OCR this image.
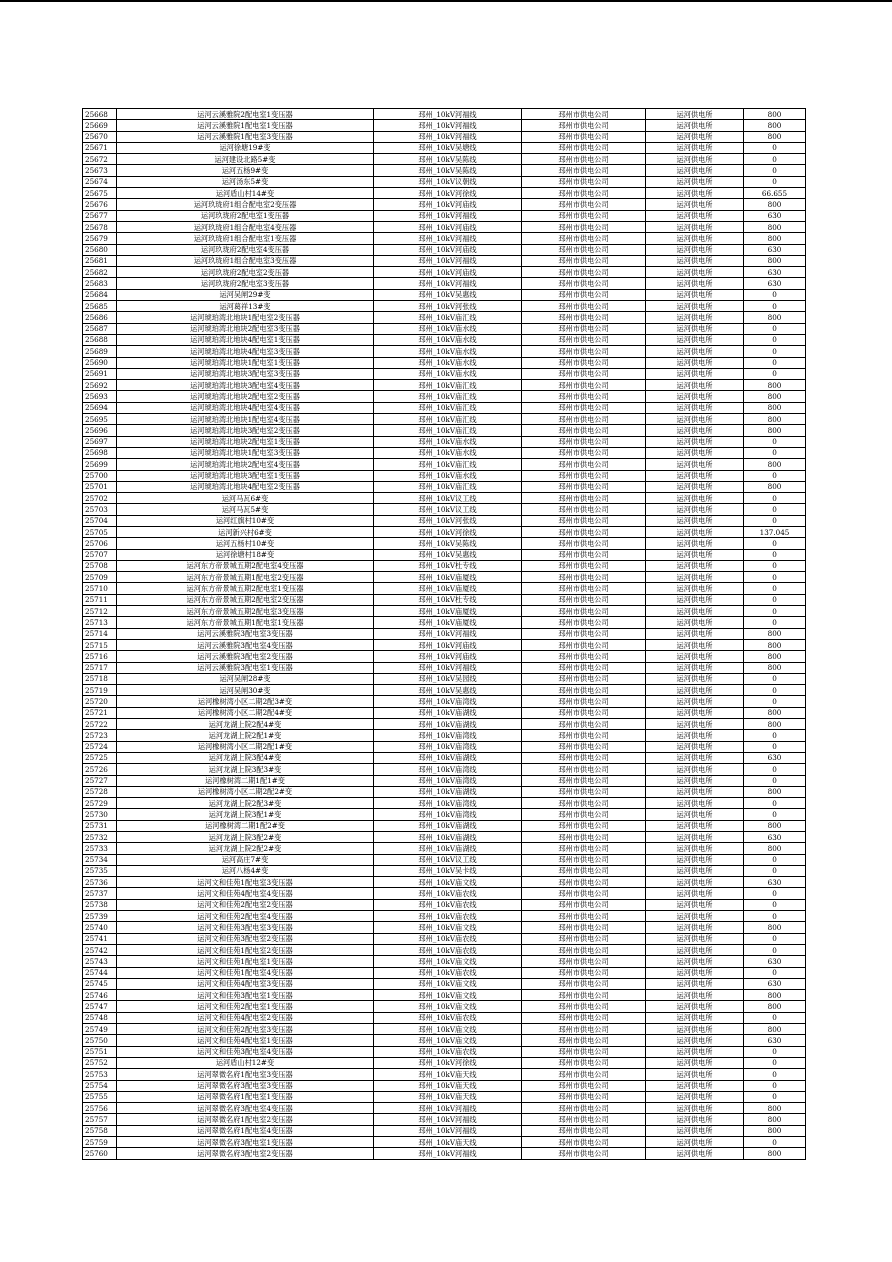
25668	运河云溪雅院2配电室1变压器	邳州_10kV河福线	邳州市供电公司	运河供电所	800
25669	运河云溪雅院1配电室1变压器	邳州_10kV河福线	邳州市供电公司	运河供电所	800
25670	运河云溪雅院1配电室3变压器	邳州_10kV河福线	邳州市供电公司	运河供电所	800
25671	运河徐塘19#变	邳州_10kV吴塘线	邳州市供电公司	运河供电所	0
25672	运河建设北路5#变	邳州_10kV吴陈线	邳州市供电公司	运河供电所	0
25673	运河五杨9#变	邳州_10kV吴陈线	邳州市供电公司	运河供电所	0
25674	运河汤东5#变	邳州_10kV议朝线	邳州市供电公司	运河供电所	0
25675	运河盾山村14#变	邳州_10kV河徐线	邳州市供电公司	运河供电所	66.655
25676	运河玖珑府1组合配电室2变压器	邳州_10kV河庙线	邳州市供电公司	运河供电所	800
25677	运河玖珑府2配电室1变压器	邳州_10kV河福线	邳州市供电公司	运河供电所	630
25678	运河玖珑府1组合配电室4变压器	邳州_10kV河庙线	邳州市供电公司	运河供电所	800
25679	运河玖珑府1组合配电室1变压器	邳州_10kV河福线	邳州市供电公司	运河供电所	800
25680	运河玖珑府2配电室4变压器	邳州_10kV河庙线	邳州市供电公司	运河供电所	630
25681	运河玖珑府1组合配电室3变压器	邳州_10kV河福线	邳州市供电公司	运河供电所	800
25682	运河玖珑府2配电室2变压器	邳州_10kV河庙线	邳州市供电公司	运河供电所	630
25683	运河玖珑府2配电室3变压器	邳州_10kV河福线	邳州市供电公司	运河供电所	630
25684	运河吴闸29#变	邳州_10kV吴惠线	邳州市供电公司	运河供电所	0
25685	运河葛祥13#变	邳州_10kV河张线	邳州市供电公司	运河供电所	0
25686	运河琥珀湾北地块1配电室2变压器	邳州_10kV庙汇线	邳州市供电公司	运河供电所	800
25687	运河琥珀湾北地块2配电室3变压器	邳州_10kV庙水线	邳州市供电公司	运河供电所	0
25688	运河琥珀湾北地块4配电室1变压器	邳州_10kV庙水线	邳州市供电公司	运河供电所	0
25689	运河琥珀湾北地块4配电室3变压器	邳州_10kV庙水线	邳州市供电公司	运河供电所	0
25690	运河琥珀湾北地块1配电室1变压器	邳州_10kV庙水线	邳州市供电公司	运河供电所	0
25691	运河琥珀湾北地块3配电室3变压器	邳州_10kV庙水线	邳州市供电公司	运河供电所	0
25692	运河琥珀湾北地块3配电室4变压器	邳州_10kV庙汇线	邳州市供电公司	运河供电所	800
25693	运河琥珀湾北地块2配电室2变压器	邳州_10kV庙汇线	邳州市供电公司	运河供电所	800
25694	运河琥珀湾北地块4配电室4变压器	邳州_10kV庙汇线	邳州市供电公司	运河供电所	800
25695	运河琥珀湾北地块1配电室4变压器	邳州_10kV庙汇线	邳州市供电公司	运河供电所	800
25696	运河琥珀湾北地块3配电室2变压器	邳州_10kV庙汇线	邳州市供电公司	运河供电所	800
25697	运河琥珀湾北地块2配电室1变压器	邳州_10kV庙水线	邳州市供电公司	运河供电所	0
25698	运河琥珀湾北地块1配电室3变压器	邳州_10kV庙水线	邳州市供电公司	运河供电所	0
25699	运河琥珀湾北地块2配电室4变压器	邳州_10kV庙汇线	邳州市供电公司	运河供电所	800
25700	运河琥珀湾北地块3配电室1变压器	邳州_10kV庙水线	邳州市供电公司	运河供电所	0
25701	运河琥珀湾北地块4配电室2变压器	邳州_10kV庙汇线	邳州市供电公司	运河供电所	800
25702	运河马瓦6#变	邳州_10kV议工线	邳州市供电公司	运河供电所	0
25703	运河马瓦5#变	邳州_10kV议工线	邳州市供电公司	运河供电所	0
25704	运河红旗村10#变	邳州_10kV河张线	邳州市供电公司	运河供电所	0
25705	运河新兴村6#变	邳州_10kV河徐线	邳州市供电公司	运河供电所	137.045
25706	运河五杨村10#变	邳州_10kV吴陈线	邳州市供电公司	运河供电所	0
25707	运河徐塘村18#变	邳州_10kV吴惠线	邳州市供电公司	运河供电所	0
25708	运河东方帝景城五期2配电室4变压器	邳州_10kV杜专线	邳州市供电公司	运河供电所	0
25709	运河东方帝景城五期1配电室2变压器	邳州_10kV庙厦线	邳州市供电公司	运河供电所	0
25710	运河东方帝景城五期2配电室1变压器	邳州_10kV庙厦线	邳州市供电公司	运河供电所	0
25711	运河东方帝景城五期2配电室2变压器	邳州_10kV杜专线	邳州市供电公司	运河供电所	0
25712	运河东方帝景城五期2配电室3变压器	邳州_10kV庙厦线	邳州市供电公司	运河供电所	0
25713	运河东方帝景城五期1配电室1变压器	邳州_10kV庙厦线	邳州市供电公司	运河供电所	0
25714	运河云溪雅院3配电室3变压器	邳州_10kV河福线	邳州市供电公司	运河供电所	800
25715	运河云溪雅院3配电室4变压器	邳州_10kV河庙线	邳州市供电公司	运河供电所	800
25716	运河云溪雅院3配电室2变压器	邳州_10kV河庙线	邳州市供电公司	运河供电所	800
25717	运河云溪雅院3配电室1变压器	邳州_10kV河福线	邳州市供电公司	运河供电所	800
25718	运河吴闸28#变	邳州_10kV吴园线	邳州市供电公司	运河供电所	0
25719	运河吴闸30#变	邳州_10kV吴惠线	邳州市供电公司	运河供电所	0
25720	运河橡树湾小区二期2配3#变	邳州_10kV庙湾线	邳州市供电公司	运河供电所	0
25721	运河橡树湾小区二期2配4#变	邳州_10kV庙湖线	邳州市供电公司	运河供电所	800
25722	运河龙湖上院2配4#变	邳州_10kV庙湖线	邳州市供电公司	运河供电所	800
25723	运河龙湖上院2配1#变	邳州_10kV庙湾线	邳州市供电公司	运河供电所	0
25724	运河橡树湾小区二期2配1#变	邳州_10kV庙湾线	邳州市供电公司	运河供电所	0
25725	运河龙湖上院3配4#变	邳州_10kV庙湖线	邳州市供电公司	运河供电所	630
25726	运河龙湖上院3配3#变	邳州_10kV庙湾线	邳州市供电公司	运河供电所	0
25727	运河橡树湾二期1配1#变	邳州_10kV庙湾线	邳州市供电公司	运河供电所	0
25728	运河橡树湾小区二期2配2#变	邳州_10kV庙湖线	邳州市供电公司	运河供电所	800
25729	运河龙湖上院2配3#变	邳州_10kV庙湾线	邳州市供电公司	运河供电所	0
25730	运河龙湖上院3配1#变	邳州_10kV庙湾线	邳州市供电公司	运河供电所	0
25731	运河橡树湾二期1配2#变	邳州_10kV庙湖线	邳州市供电公司	运河供电所	800
25732	运河龙湖上院3配2#变	邳州_10kV庙湖线	邳州市供电公司	运河供电所	630
25733	运河龙湖上院2配2#变	邳州_10kV庙湖线	邳州市供电公司	运河供电所	800
25734	运河高庄7#变	邳州_10kV议工线	邳州市供电公司	运河供电所	0
25735	运河八杨4#变	邳州_10kV吴卡线	邳州市供电公司	运河供电所	0
25736	运河文和佳苑1配电室3变压器	邳州_10kV庙文线	邳州市供电公司	运河供电所	630
25737	运河文和佳苑4配电室4变压器	邳州_10kV庙农线	邳州市供电公司	运河供电所	0
25738	运河文和佳苑2配电室2变压器	邳州_10kV庙农线	邳州市供电公司	运河供电所	0
25739	运河文和佳苑2配电室4变压器	邳州_10kV庙农线	邳州市供电公司	运河供电所	0
25740	运河文和佳苑3配电室3变压器	邳州_10kV庙文线	邳州市供电公司	运河供电所	800
25741	运河文和佳苑3配电室2变压器	邳州_10kV庙农线	邳州市供电公司	运河供电所	0
25742	运河文和佳苑1配电室2变压器	邳州_10kV庙农线	邳州市供电公司	运河供电所	0
25743	运河文和佳苑1配电室1变压器	邳州_10kV庙文线	邳州市供电公司	运河供电所	630
25744	运河文和佳苑1配电室4变压器	邳州_10kV庙农线	邳州市供电公司	运河供电所	0
25745	运河文和佳苑4配电室3变压器	邳州_10kV庙文线	邳州市供电公司	运河供电所	630
25746	运河文和佳苑3配电室1变压器	邳州_10kV庙文线	邳州市供电公司	运河供电所	800
25747	运河文和佳苑2配电室1变压器	邳州_10kV庙文线	邳州市供电公司	运河供电所	800
25748	运河文和佳苑4配电室2变压器	邳州_10kV庙农线	邳州市供电公司	运河供电所	0
25749	运河文和佳苑2配电室3变压器	邳州_10kV庙文线	邳州市供电公司	运河供电所	800
25750	运河文和佳苑4配电室1变压器	邳州_10kV庙文线	邳州市供电公司	运河供电所	630
25751	运河文和佳苑3配电室4变压器	邳州_10kV庙农线	邳州市供电公司	运河供电所	0
25752	运河盾山村12#变	邳州_10kV河徐线	邳州市供电公司	运河供电所	0
25753	运河翠微名府1配电室3变压器	邳州_10kV庙天线	邳州市供电公司	运河供电所	0
25754	运河翠微名府3配电室3变压器	邳州_10kV庙天线	邳州市供电公司	运河供电所	0
25755	运河翠微名府1配电室1变压器	邳州_10kV庙天线	邳州市供电公司	运河供电所	0
25756	运河翠微名府3配电室4变压器	邳州_10kV河福线	邳州市供电公司	运河供电所	800
25757	运河翠微名府1配电室2变压器	邳州_10kV河福线	邳州市供电公司	运河供电所	800
25758	运河翠微名府1配电室4变压器	邳州_10kV河福线	邳州市供电公司	运河供电所	800
25759	运河翠微名府3配电室1变压器	邳州_10kV庙天线	邳州市供电公司	运河供电所	0
25760	运河翠微名府3配电室2变压器	邳州_10kV河福线	邳州市供电公司	运河供电所	800
